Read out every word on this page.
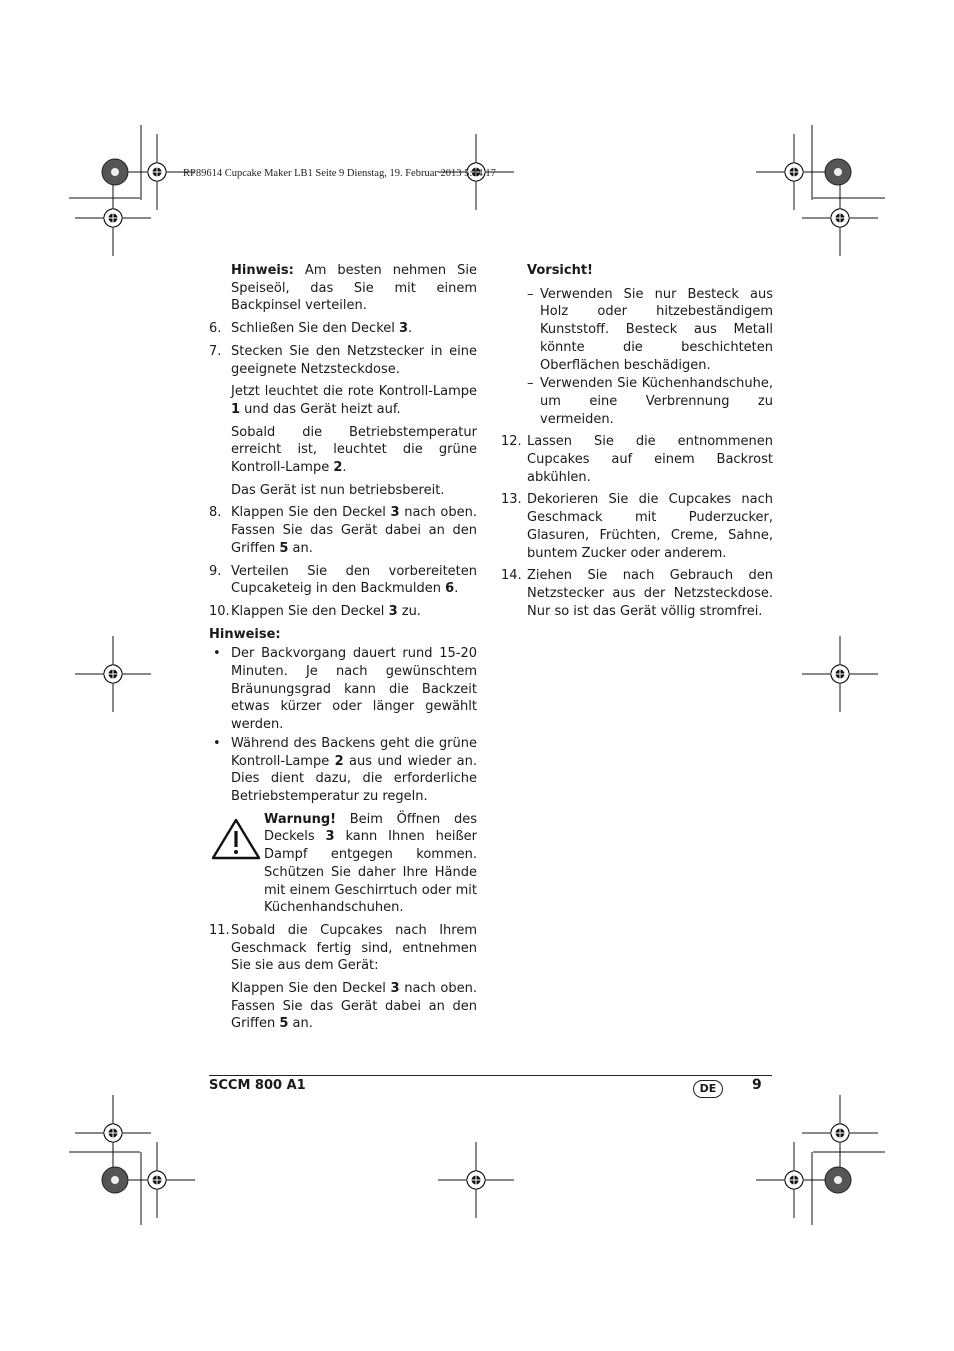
RP89614 Cupcake Maker LB1 Seite 9 Dienstag, 19. Februar 2013 5:34 17
Hinweis: Am besten nehmen Sie Speiseöl, das Sie mit einem Backpinsel verteilen.
6. Schließen Sie den Deckel 3.
7. Stecken Sie den Netzstecker in eine geeignete Netzsteckdose.
Jetzt leuchtet die rote Kontroll-Lampe 1 und das Gerät heizt auf.
Sobald die Betriebstemperatur erreicht ist, leuchtet die grüne Kontroll-Lampe 2.
Das Gerät ist nun betriebsbereit.
8. Klappen Sie den Deckel 3 nach oben. Fassen Sie das Gerät dabei an den Griffen 5 an.
9. Verteilen Sie den vorbereiteten Cupcaketeig in den Backmulden 6.
10. Klappen Sie den Deckel 3 zu.
Hinweise:
• Der Backvorgang dauert rund 15-20 Minuten. Je nach gewünschtem Bräunungsgrad kann die Backzeit etwas kürzer oder länger gewählt werden.
• Während des Backens geht die grüne Kontroll-Lampe 2 aus und wieder an. Dies dient dazu, die erforderliche Betriebstemperatur zu regeln.
Warnung! Beim Öffnen des Deckels 3 kann Ihnen heißer Dampf entgegen kommen. Schützen Sie daher Ihre Hände mit einem Geschirrtuch oder mit Küchenhandschuhen.
11. Sobald die Cupcakes nach Ihrem Geschmack fertig sind, entnehmen Sie sie aus dem Gerät:
Klappen Sie den Deckel 3 nach oben. Fassen Sie das Gerät dabei an den Griffen 5 an.
Vorsicht!
– Verwenden Sie nur Besteck aus Holz oder hitzebeständigem Kunststoff. Besteck aus Metall könnte die beschichteten Oberflächen beschädigen.
– Verwenden Sie Küchenhandschuhe, um eine Verbrennung zu vermeiden.
12. Lassen Sie die entnommenen Cupcakes auf einem Backrost abkühlen.
13. Dekorieren Sie die Cupcakes nach Geschmack mit Puderzucker, Glasuren, Früchten, Creme, Sahne, buntem Zucker oder anderem.
14. Ziehen Sie nach Gebrauch den Netzstecker aus der Netzsteckdose. Nur so ist das Gerät völlig stromfrei.
SCCM 800 A1	DE	9
